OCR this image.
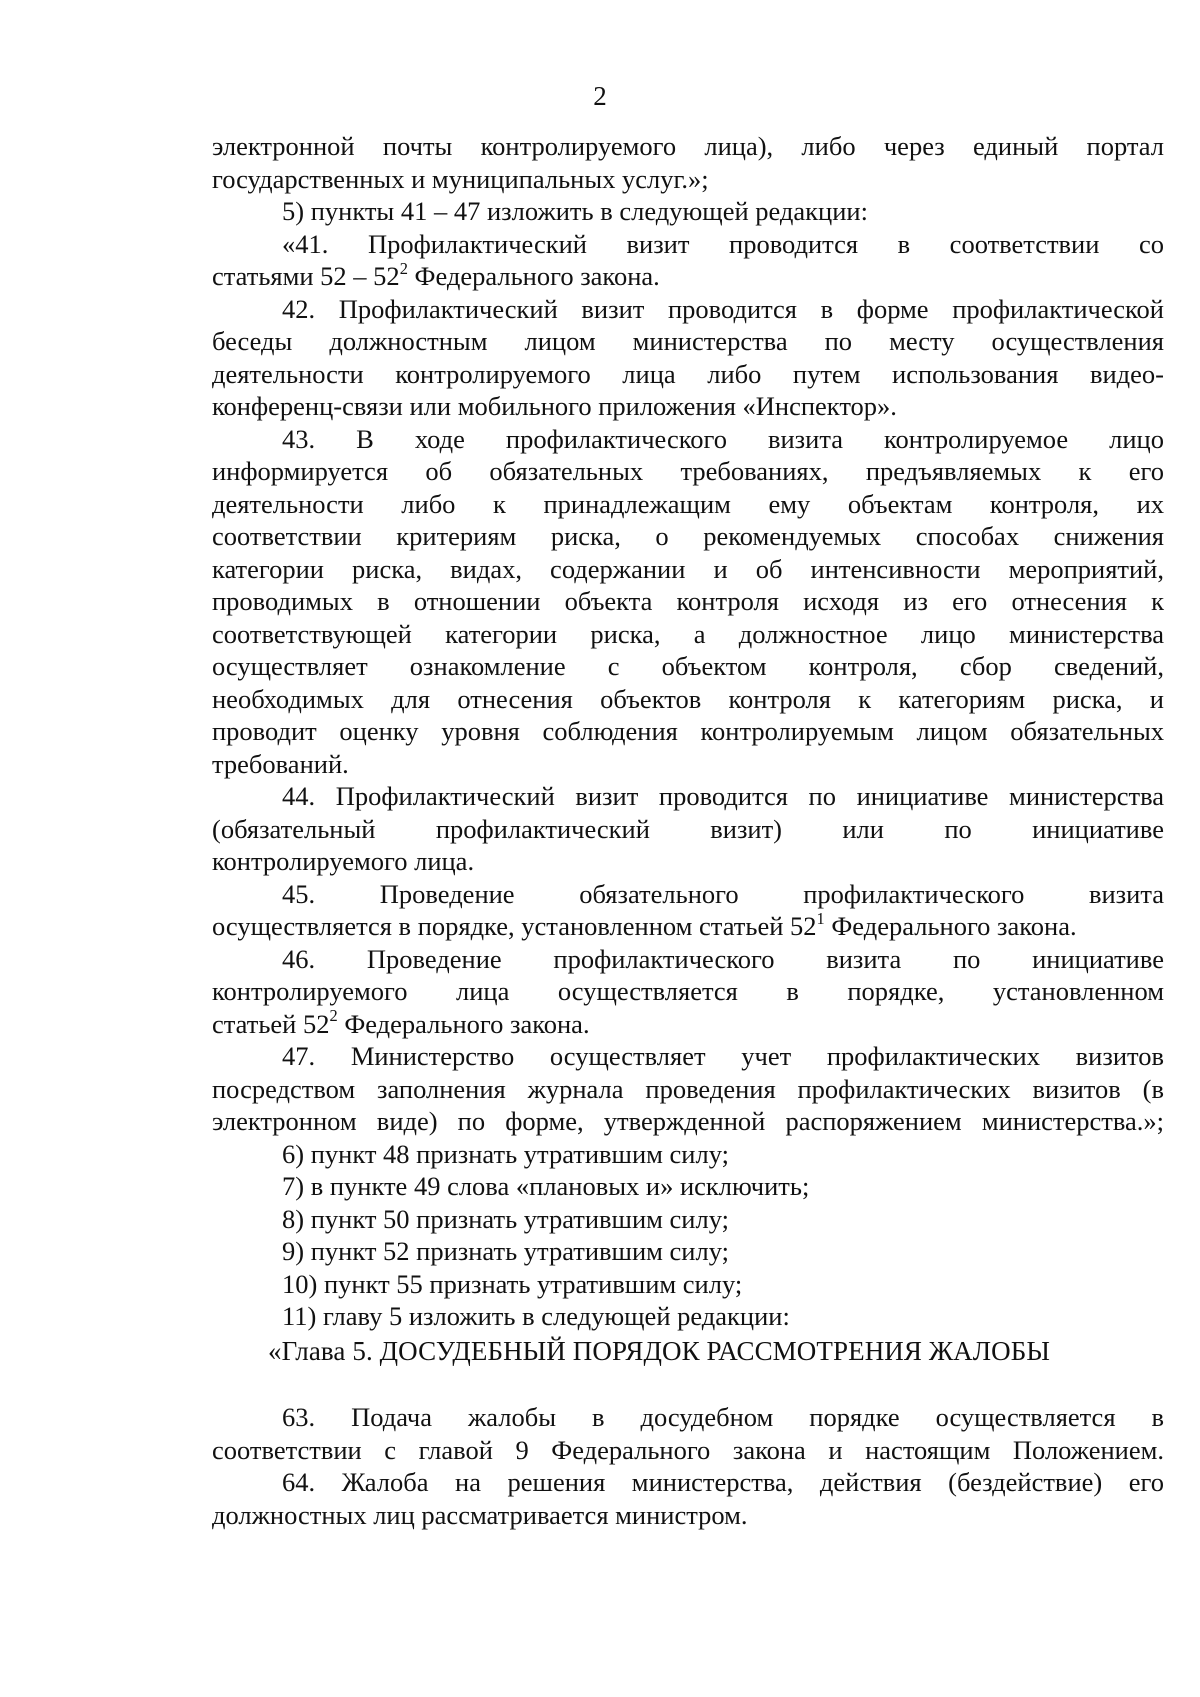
2
электронной почты контролируемого лица), либо через единый портал
государственных и муниципальных услуг.»;
5) пункты 41 – 47 изложить в следующей редакции:
«41. Профилактический визит проводится в соответствии со
статьями $52 - 52^2$ Федерального закона.
42. Профилактический визит проводится в форме профилактической
беседы должностным лицом министерства по месту осуществления
деятельности контролируемого лица либо путем использования видео-
конференц-связи или мобильного приложения «Инспектор».
43. В ходе профилактического визита контролируемое лицо
информируется об обязательных требованиях, предъявляемых к его
деятельности либо к принадлежащим ему объектам контроля, их
соответствии критериям риска, о рекомендуемых способах снижения
категории риска, видах, содержании и об интенсивности мероприятий,
проводимых в отношении объекта контроля исходя из его отнесения к
соответствующей категории риска, а должностное лицо министерства
осуществляет ознакомление с объектом контроля, сбор сведений,
необходимых для отнесения объектов контроля к категориям риска, и
проводит оценку уровня соблюдения контролируемым лицом обязательных
требований.
44. Профилактический визит проводится по инициативе министерства
(обязательный профилактический визит) или по инициативе
контролируемого лица.
45. Проведение обязательного профилактического визита
осуществляется в порядке, установленном статьей $52^1$ Федерального закона.
46. Проведение профилактического визита по инициативе
контролируемого лица осуществляется в порядке, установленном
статьей $52^2$ Федерального закона.
47. Министерство осуществляет учет профилактических визитов
посредством заполнения журнала проведения профилактических визитов (в
электронном виде) по форме, утвержденной распоряжением министерства.»;
6) пункт 48 признать утратившим силу;
7) в пункте 49 слова «плановых и» исключить;
8) пункт 50 признать утратившим силу;
9) пункт 52 признать утратившим силу;
10) пункт 55 признать утратившим силу;
11) главу 5 изложить в следующей редакции:
«Глава 5. ДОСУДЕБНЫЙ ПОРЯДОК РАССМОТРЕНИЯ ЖАЛОБЫ
63. Подача жалобы в досудебном порядке осуществляется в
соответствии с главой 9 Федерального закона и настоящим Положением.
64. Жалоба на решения министерства, действия (бездействие) его
должностных лиц рассматривается министром.
